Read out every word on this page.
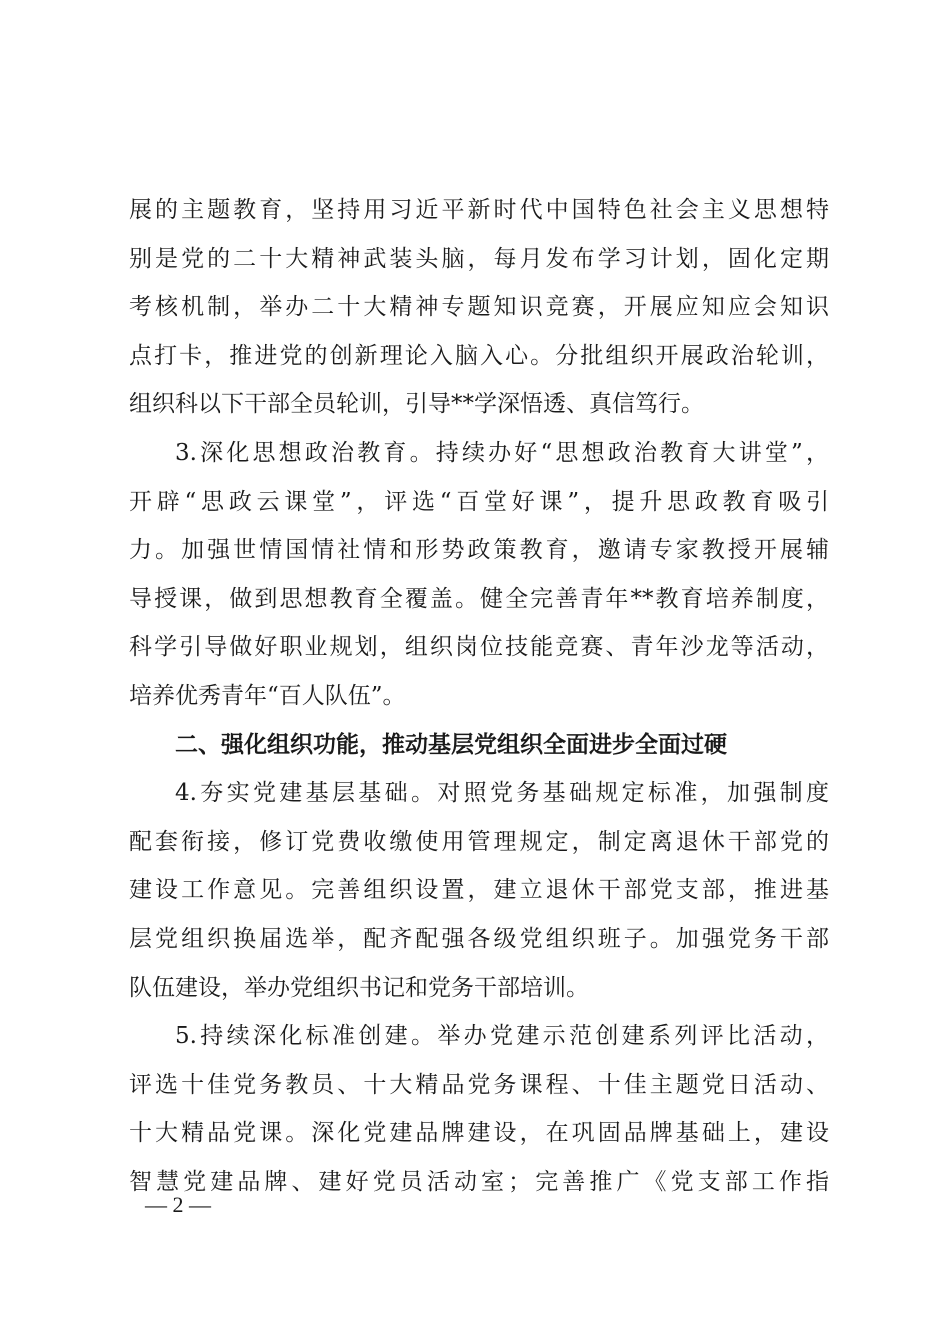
展的主题教育，坚持用习近平新时代中国特色社会主义思想特
别是党的二十大精神武装头脑，每月发布学习计划，固化定期
考核机制，举办二十大精神专题知识竞赛，开展应知应会知识
点打卡，推进党的创新理论入脑入心。分批组织开展政治轮训，
组织科以下干部全员轮训，引导**学深悟透、真信笃行。
3.深化思想政治教育。持续办好“思想政治教育大讲堂”，
开辟“思政云课堂”，评选“百堂好课”，提升思政教育吸引
力。加强世情国情社情和形势政策教育，邀请专家教授开展辅
导授课，做到思想教育全覆盖。健全完善青年**教育培养制度，
科学引导做好职业规划，组织岗位技能竞赛、青年沙龙等活动，
培养优秀青年“百人队伍”。
二、强化组织功能，推动基层党组织全面进步全面过硬
4.夯实党建基层基础。对照党务基础规定标准，加强制度
配套衔接，修订党费收缴使用管理规定，制定离退休干部党的
建设工作意见。完善组织设置，建立退休干部党支部，推进基
层党组织换届选举，配齐配强各级党组织班子。加强党务干部
队伍建设，举办党组织书记和党务干部培训。
5.持续深化标准创建。举办党建示范创建系列评比活动，
评选十佳党务教员、十大精品党务课程、十佳主题党日活动、
十大精品党课。深化党建品牌建设，在巩固品牌基础上，建设
智慧党建品牌、建好党员活动室；完善推广《党支部工作指
— 2 —
